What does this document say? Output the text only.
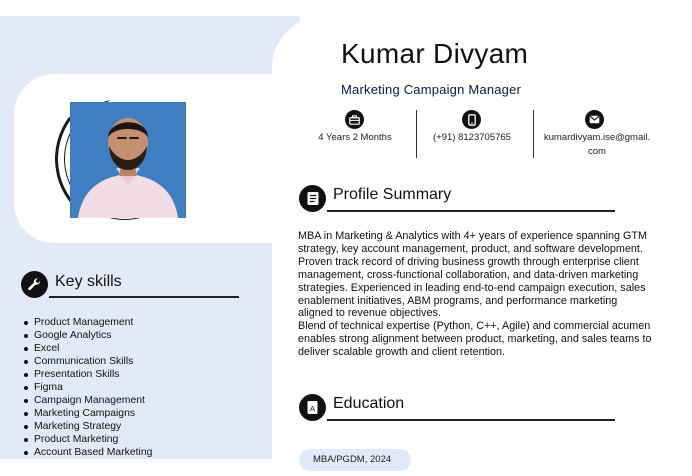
Kumar Divyam
Marketing Campaign Manager
4 Years 2 Months	(+91) 8123705765	kumardivyam.ise@gmail.
com
Profile Summary

MBA in Marketing & Analytics with 4+ years of experience spanning GTM strategy, key account management, product, and software development. Proven track record of driving business growth through enterprise client management, cross-functional collaboration, and data-driven marketing strategies. Experienced in leading end-to-end campaign execution, sales enablement initiatives, ABM programs, and performance marketing aligned to revenue objectives.

Blend of technical expertise (Python, C++, Agile) and commercial acumen enables strong alignment between product, marketing, and sales teams to deliver scalable growth and client retention.

A Education
MBA/PGDM, 2024
Key skills
Product Management
Google Analytics
Excel
Communication Skills
Presentation Skills
Figma
Campaign Management
Marketing Campaigns
Marketing Strategy
Product Marketing
Account Based Marketing
